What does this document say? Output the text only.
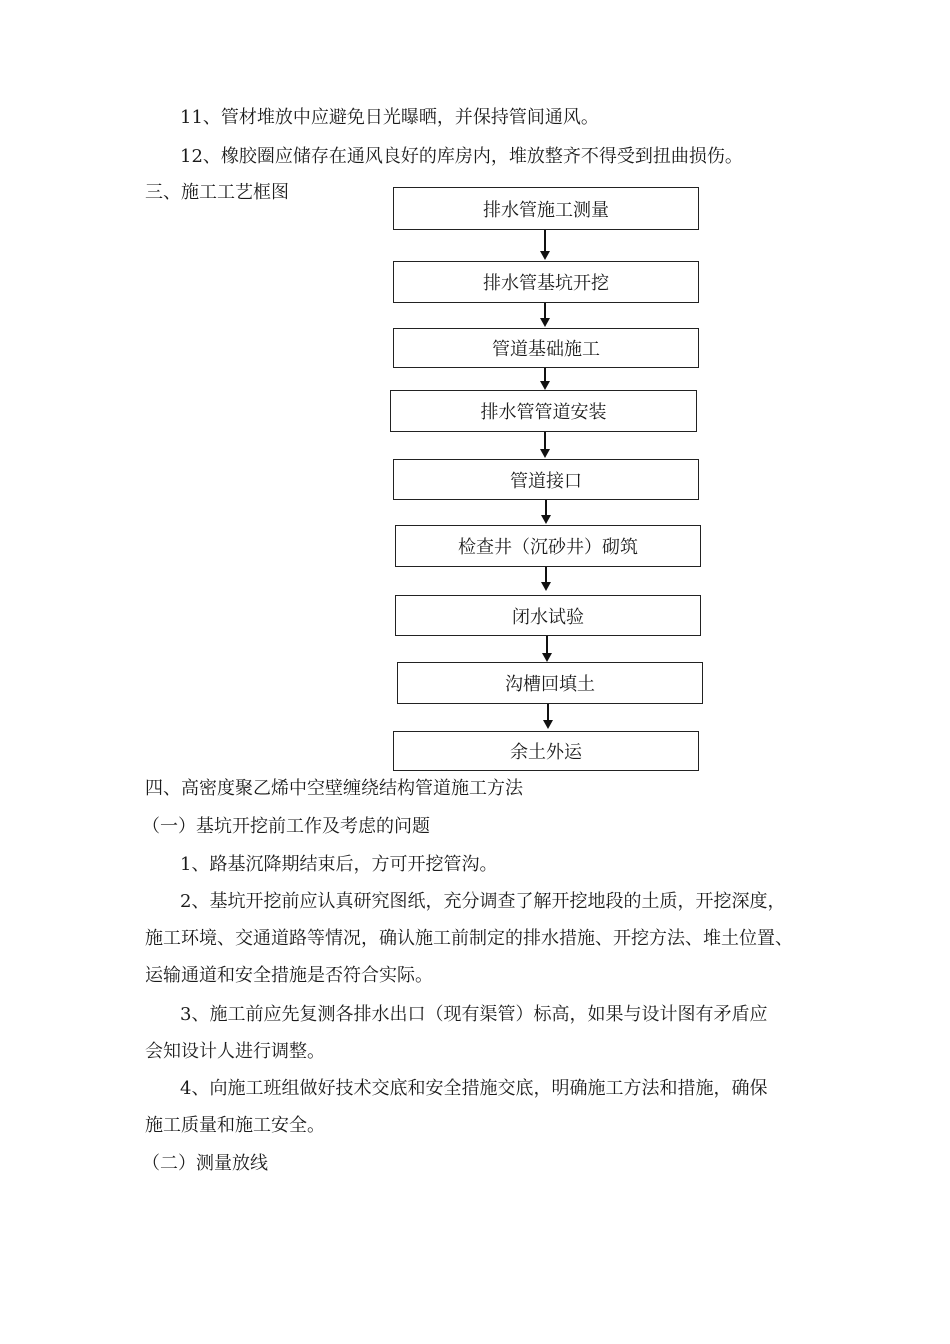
11、管材堆放中应避免日光曝晒，并保持管间通风。
12、橡胶圈应储存在通风良好的库房内，堆放整齐不得受到扭曲损伤。
三、施工工艺框图
排水管施工测量
排水管基坑开挖
管道基础施工
排水管管道安装
管道接口
检查井（沉砂井）砌筑
闭水试验
沟槽回填土
余土外运
四、高密度聚乙烯中空壁缠绕结构管道施工方法
（一）基坑开挖前工作及考虑的问题
1、路基沉降期结束后，方可开挖管沟。
2、基坑开挖前应认真研究图纸，充分调查了解开挖地段的土质，开挖深度，
施工环境、交通道路等情况，确认施工前制定的排水措施、开挖方法、堆土位置、
运输通道和安全措施是否符合实际。
3、施工前应先复测各排水出口（现有渠管）标高，如果与设计图有矛盾应
会知设计人进行调整。
4、向施工班组做好技术交底和安全措施交底，明确施工方法和措施，确保
施工质量和施工安全。
（二）测量放线
